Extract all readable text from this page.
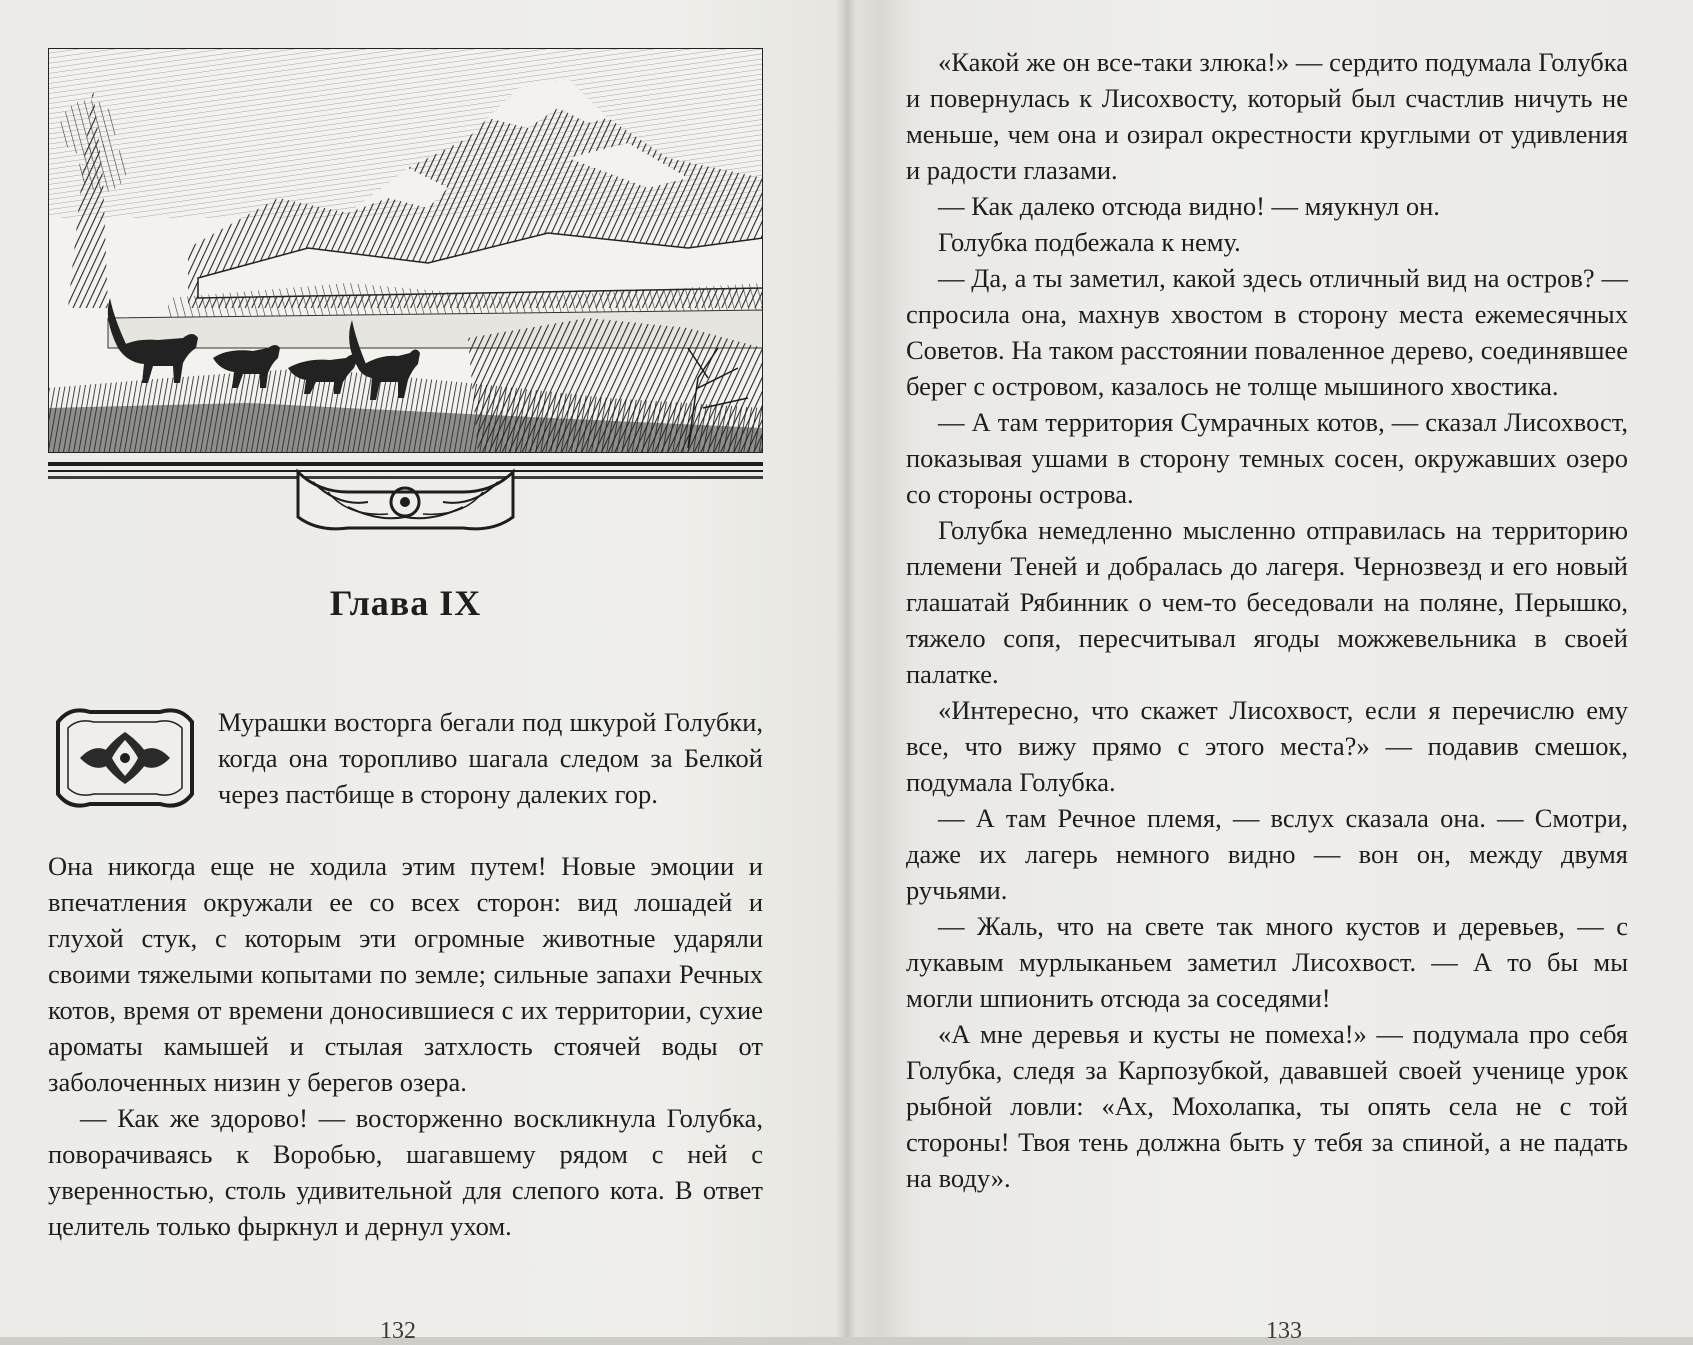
Глава IX

Мурашки восторга бегали под шкурой Голубки, когда она торопливо шагала следом за Белкой через пастбище в сторону далеких гор.

Она никогда еще не ходила этим путем! Новые эмоции и впечатления окружали ее со всех сторон: вид лошадей и глухой стук, с которым эти огромные животные ударяли своими тяжелыми копытами по земле; сильные запахи Речных котов, время от времени доносившиеся с их территории, сухие ароматы камышей и стылая затхлость стоячей воды от заболоченных низин у берегов озера.

— Как же здорово! — восторженно воскликнула Голубка, поворачиваясь к Воробью, шагавшему рядом с ней с уверенностью, столь удивительной для слепого кота. В ответ целитель только фыркнул и дернул ухом.

132

«Какой же он все-таки злюка!» — сердито подумала Голубка и повернулась к Лисохвосту, который был счастлив ничуть не меньше, чем она и озирал окрестности круглыми от удивления и радости глазами.

— Как далеко отсюда видно! — мяукнул он.

Голубка подбежала к нему.

— Да, а ты заметил, какой здесь отличный вид на остров? — спросила она, махнув хвостом в сторону места ежемесячных Советов. На таком расстоянии поваленное дерево, соединявшее берег с островом, казалось не толще мышиного хвостика.

— А там территория Сумрачных котов, — сказал Лисохвост, показывая ушами в сторону темных сосен, окружавших озеро со стороны острова.

Голубка немедленно мысленно отправилась на территорию племени Теней и добралась до лагеря. Чернозвезд и его новый глашатай Рябинник о чем-то беседовали на поляне, Перышко, тяжело сопя, пересчитывал ягоды можжевельника в своей палатке.

«Интересно, что скажет Лисохвост, если я перечислю ему все, что вижу прямо с этого места?» — подавив смешок, подумала Голубка.

— А там Речное племя, — вслух сказала она. — Смотри, даже их лагерь немного видно — вон он, между двумя ручьями.

— Жаль, что на свете так много кустов и деревьев, — с лукавым мурлыканьем заметил Лисохвост. — А то бы мы могли шпионить отсюда за соседями!

«А мне деревья и кусты не помеха!» — подумала про себя Голубка, следя за Карпозубкой, дававшей своей ученице урок рыбной ловли: «Ах, Мохолапка, ты опять села не с той стороны! Твоя тень должна быть у тебя за спиной, а не падать на воду».

133
